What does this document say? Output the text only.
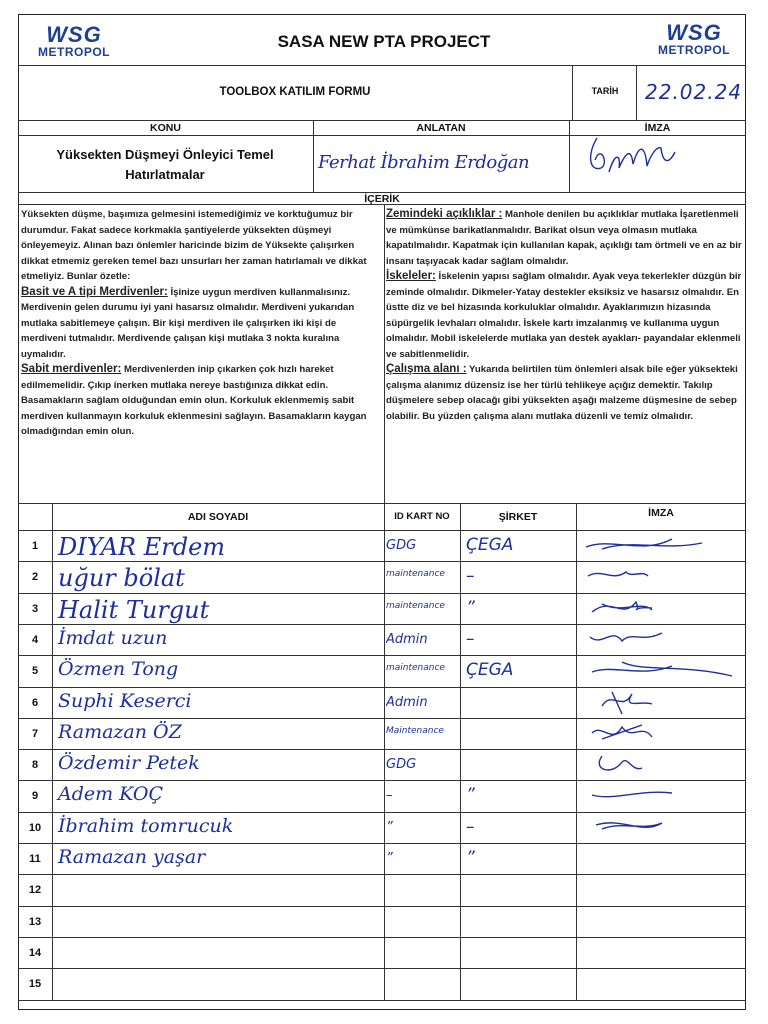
WSG
METROPOL
WSG
METROPOL
SASA NEW PTA PROJECT
TOOLBOX KATILIM FORMU	TARİH	22.02.24
KONU	ANLATAN	İMZA
Yüksekten Düşmeyi Önleyici Temel
Hatırlatmalar
Ferhat İbrahim Erdoğan
İÇERİK
Yüksekten düşme, başımıza gelmesini istemediğimiz ve korktuğumuz bir durumdur. Fakat sadece korkmakla şantiyelerde yüksekten düşmeyi önleyemeyiz. Alınan bazı önlemler haricinde bizim de Yüksekte çalışırken dikkat etmemiz gereken temel bazı unsurları her zaman hatırlamalı ve dikkat etmeliyiz. Bunlar özetle:
Basit ve A tipi Merdivenler: İşinize uygun merdiven kullanmalısınız. Merdivenin gelen durumu iyi yani hasarsız olmalıdır. Merdiveni yukarıdan mutlaka sabitlemeye çalışın. Bir kişi merdiven ile çalışırken iki kişi de merdiveni tutmalıdır. Merdivende çalışan kişi mutlaka 3 nokta kuralına uymalıdır.
Sabit merdivenler: Merdivenlerden inip çıkarken çok hızlı hareket edilmemelidir. Çıkıp inerken mutlaka nereye bastığınıza dikkat edin. Basamakların sağlam olduğundan emin olun. Korkuluk eklenmemiş sabit merdiven kullanmayın korkuluk eklenmesini sağlayın. Basamakların kaygan olmadığından emin olun.
Zemindeki açıklıklar : Manhole denilen bu açıklıklar mutlaka İşaretlenmeli ve mümkünse barikatlanmalıdır. Barikat olsun veya olmasın mutlaka kapatılmalıdır. Kapatmak için kullanılan kapak, açıklığı tam örtmeli ve en az bir insanı taşıyacak kadar sağlam olmalıdır.
İskeleler: İskelenin yapısı sağlam olmalıdır. Ayak veya tekerlekler düzgün bir zeminde olmalıdır. Dikmeler-Yatay destekler eksiksiz ve hasarsız olmalıdır. En üstte diz ve bel hizasında korkuluklar olmalıdır. Ayaklarımızın hizasında süpürgelik levhaları olmalıdır. İskele kartı imzalanmış ve kullanıma uygun olmalıdır. Mobil iskelelerde mutlaka yan destek ayakları- payandalar eklenmeli ve sabitlenmelidir.
Çalışma alanı : Yukarıda belirtilen tüm önlemleri alsak bile eğer yüksekteki çalışma alanımız düzensiz ise her türlü tehlikeye açığız demektir. Takılıp düşmelere sebep olacağı gibi yüksekten aşağı malzeme düşmesine de sebep olabilir. Bu yüzden çalışma alanı mutlaka düzenli ve temiz olmalıdır.
ADI SOYADI	ID KART NO	ŞİRKET	İMZA
1 DIYAR Erdem	GDG	ÇEGA
2 uğur bölat	maintenance	–
3 Halit Turgut	maintenance	”
4	İmdat uzun	Admin	–
5	Özmen Tong	maintenance	ÇEGA
6	Suphi Keserci	Admin
7	Ramazan ÖZ	Maintenance
8	Özdemir Petek	GDG
9	Adem KOÇ	–	”
10 İbrahim tomrucuk	”	–
11 Ramazan yaşar	”	”
12
13
14
15
